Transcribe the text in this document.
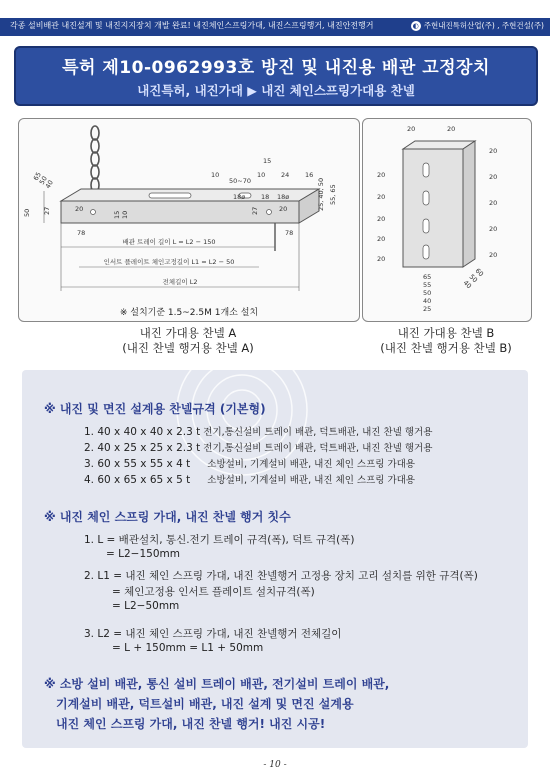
각종 설비배관 내진설계 및 내진지지장치 개발 완료! 내진체인스프링가대, 내진스프링행거, 내진안전행거	◐ 주현내진특허산업(주) , 주현건설(주)
특허 제10-0962993호 방진 및 내진용 배관 고정장치
내진특허, 내진가대 ▶ 내진 체인스프링가대용 찬넬
10
50~70
10
15
24
18
16
18ø	18ø
65
50
40
27
50	20
15 10
78
25, 40, 50 55, 65
27	20
78
배관 트레이 길이 L = L2 − 150
인서트 플레이트 체인고정길이 L1 = L2 − 50
전체길이 L2
※ 설치기준 1.5~2.5M 1개소 설치
20	20
20
20
20
20
20
20
20
20
20
20
65
55
50
40
25
60
50
40
내진 가대용 찬넬 A
(내진 찬넬 행거용 찬넬 A)
내진 가대용 찬넬 B
(내진 찬넬 행거용 찬넬 B)
※ 내진 및 면진 설계용 찬넬규격 (기본형)
1. 40 x 40 x 40 x 2.3 t 전기,통신설비 트레이 배관, 덕트배관, 내진 찬넬 행거용
2. 40 x 25 x 25 x 2.3 t 전기,통신설비 트레이 배관, 덕트배관, 내진 찬넬 행거용
3. 60 x 55 x 55 x 4 t 소방설비, 기계설비 배관, 내진 체인 스프링 가대용
4. 60 x 65 x 65 x 5 t 소방설비, 기계설비 배관, 내진 체인 스프링 가대용
※ 내진 체인 스프링 가대, 내진 찬넬 행거 칫수
1. L = 배관설치, 통신.전기 트레이 규격(폭), 덕트 규격(폭)
= L2−150mm
2. L1 = 내진 체인 스프링 가대, 내진 찬넬행거 고정용 장치 고리 설치를 위한 규격(폭)
= 체인고정용 인서트 플레이트 설치규격(폭)
= L2−50mm
3. L2 = 내진 체인 스프링 가대, 내진 찬넬행거 전체길이
= L + 150mm = L1 + 50mm
※ 소방 설비 배관, 통신 설비 트레이 배관, 전기설비 트레이 배관,
기계설비 배관, 덕트설비 배관, 내진 설계 및 면진 설계용
내진 체인 스프링 가대, 내진 찬넬 행거! 내진 시공!
- 10 -
